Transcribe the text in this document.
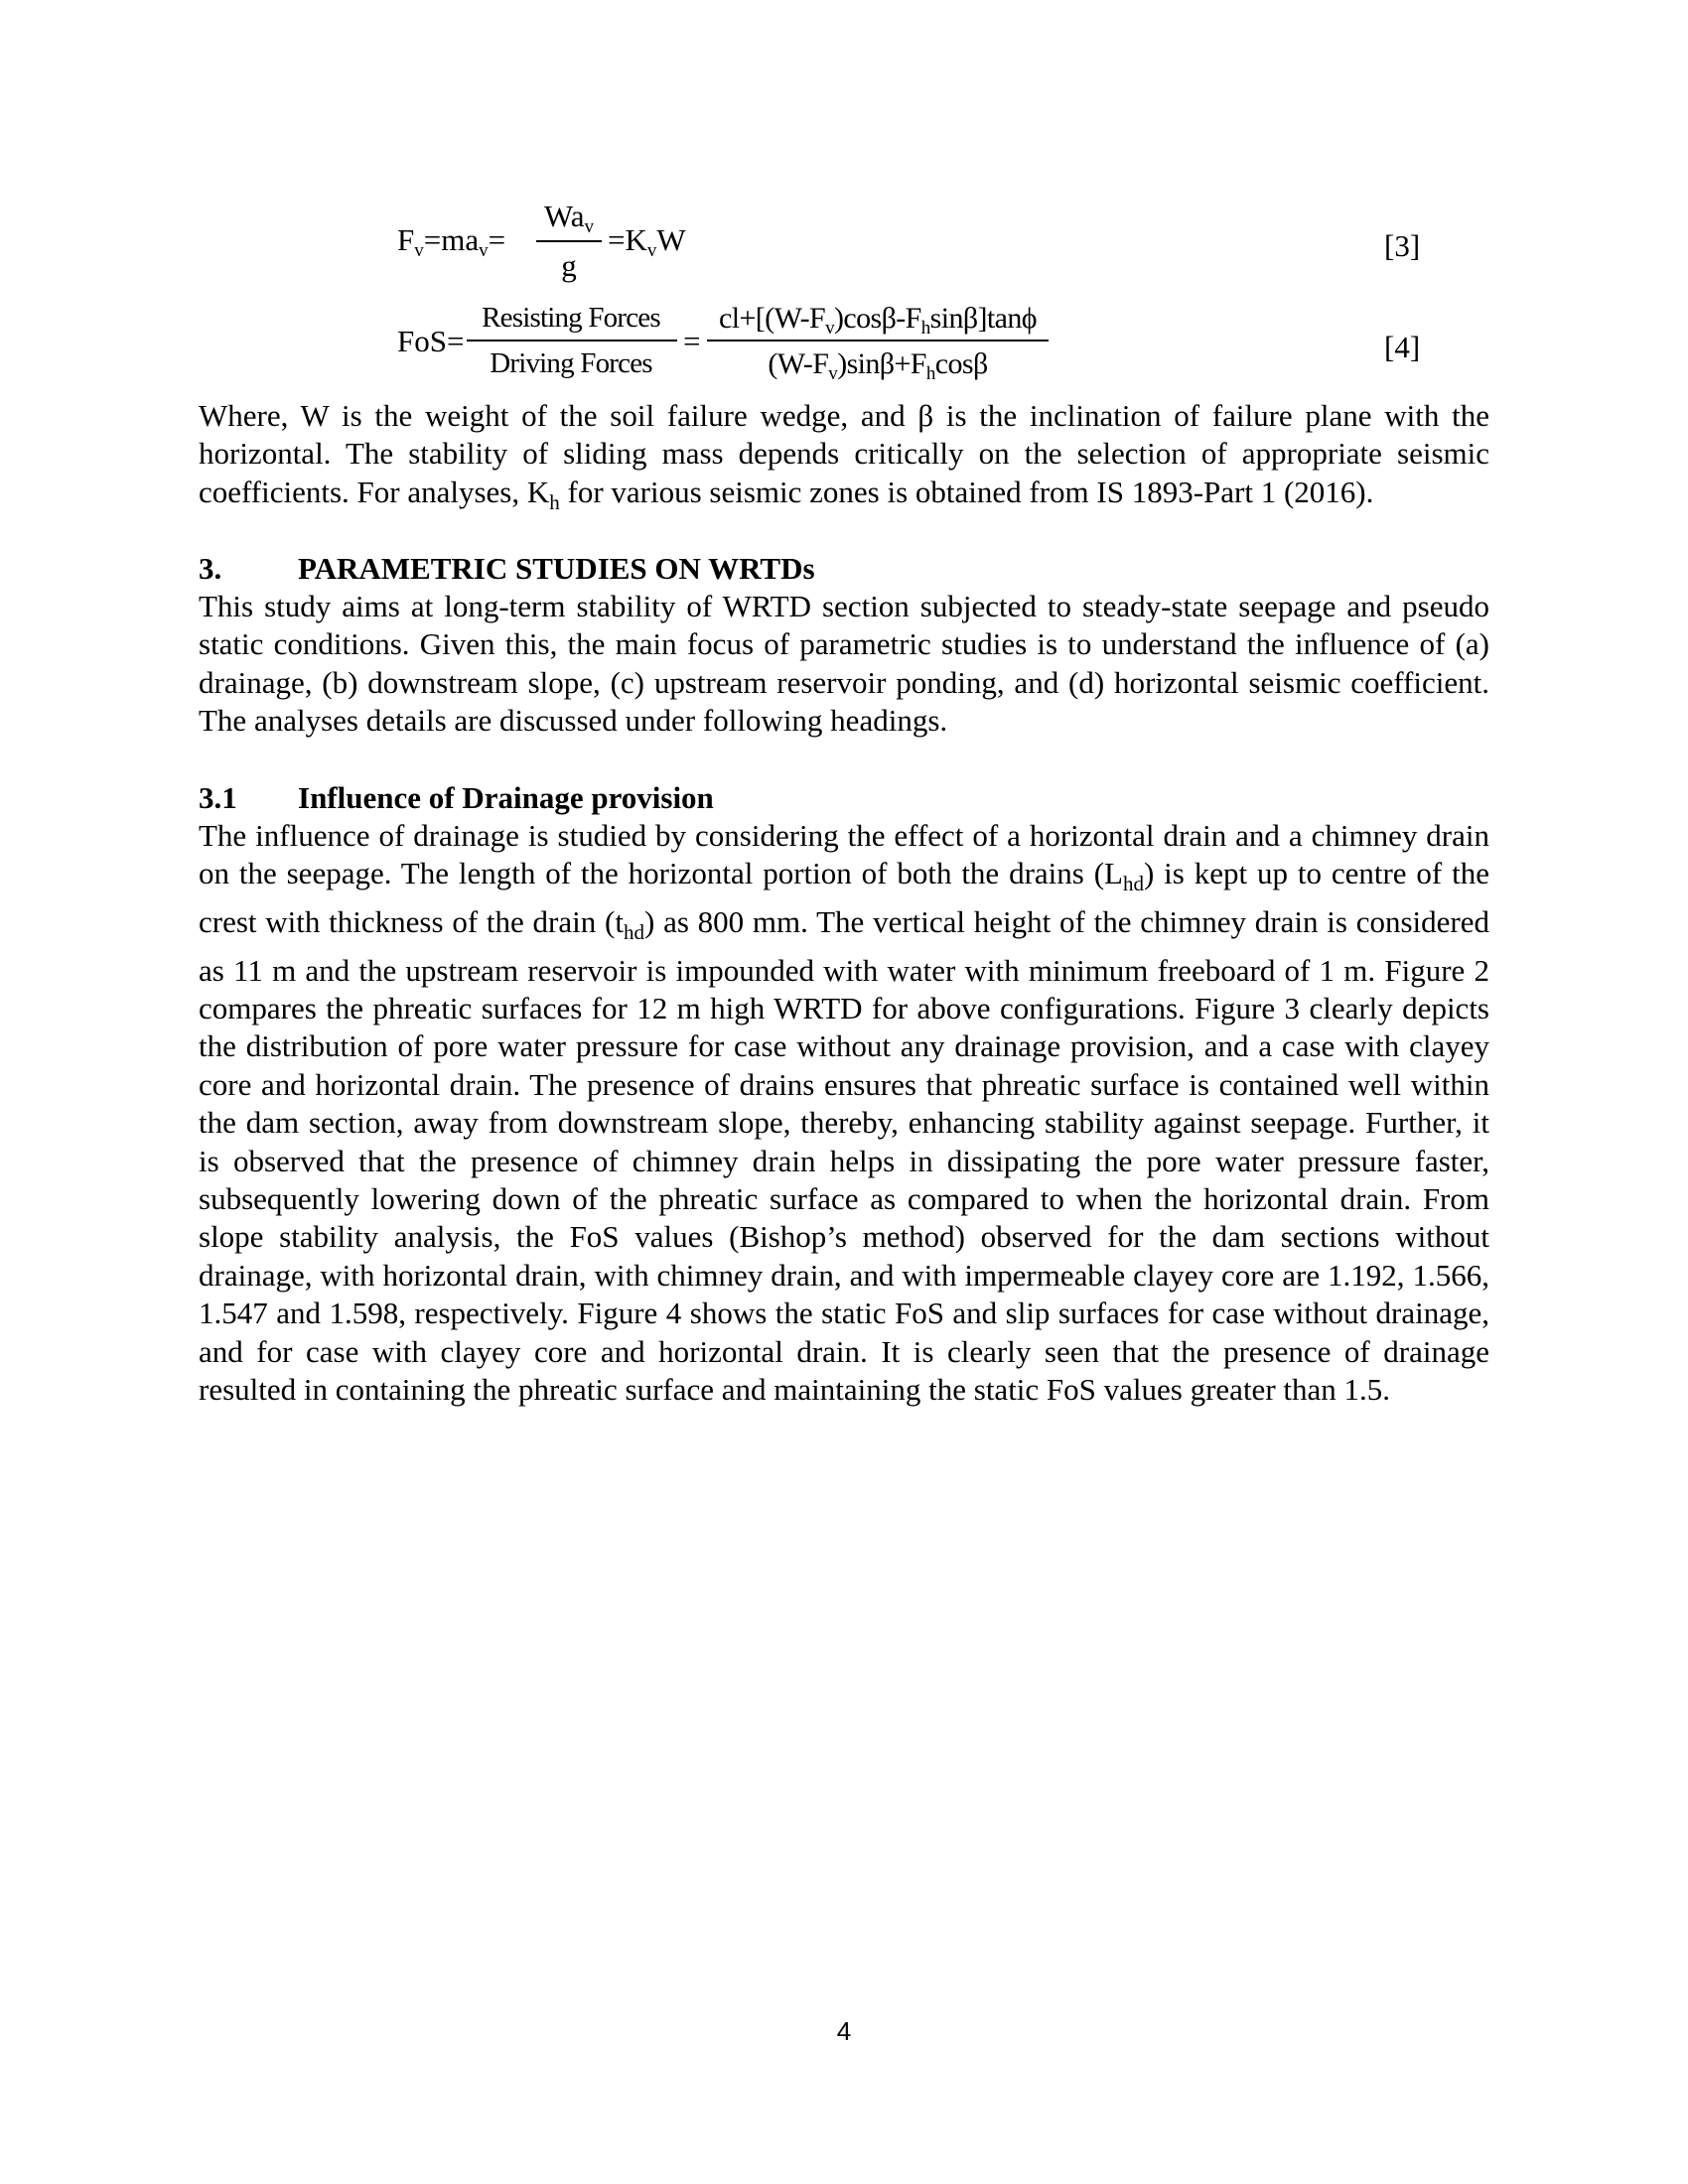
$F_v=ma_v=$
$Wa_v$
g
$=K_vW$	[3]
FoS=
Resisting Forces
Driving Forces
=
$cl+[(W-F_v)\cos\beta-F_h\sin\beta]\tan\phi$
$(W-F_v)\sin\beta+F_h\cos\beta$	[4]

Where, W is the weight of the soil failure wedge, and β is the inclination of failure plane with the horizontal. The stability of sliding mass depends critically on the selection of appropriate seismic coefficients. For analyses, $K_h$ for various seismic zones is obtained from IS 1893-Part 1 (2016).

3. PARAMETRIC STUDIES ON WRTDs

This study aims at long-term stability of WRTD section subjected to steady-state seepage and pseudo static conditions. Given this, the main focus of parametric studies is to understand the influence of (a) drainage, (b) downstream slope, (c) upstream reservoir ponding, and (d) horizontal seismic coefficient. The analyses details are discussed under following headings.

3.1 Influence of Drainage provision

The influence of drainage is studied by considering the effect of a horizontal drain and a chimney drain on the seepage. The length of the horizontal portion of both the drains $(L_{hd})$ is kept up to centre of the crest with thickness of the drain $(t_{hd})$ as 800 mm. The vertical height of the chimney drain is considered as 11 m and the upstream reservoir is impounded with water with minimum freeboard of 1 m. Figure 2 compares the phreatic surfaces for 12 m high WRTD for above configurations. Figure 3 clearly depicts the distribution of pore water pressure for case without any drainage provision, and a case with clayey core and horizontal drain. The presence of drains ensures that phreatic surface is contained well within the dam section, away from downstream slope, thereby, enhancing stability against seepage. Further, it is observed that the presence of chimney drain helps in dissipating the pore water pressure faster, subsequently lowering down of the phreatic surface as compared to when the horizontal drain. From slope stability analysis, the FoS values (Bishop’s method) observed for the dam sections without drainage, with horizontal drain, with chimney drain, and with impermeable clayey core are 1.192, 1.566, 1.547 and 1.598, respectively. Figure 4 shows the static FoS and slip surfaces for case without drainage, and for case with clayey core and horizontal drain. It is clearly seen that the presence of drainage resulted in containing the phreatic surface and maintaining the static FoS values greater than 1.5.

4
